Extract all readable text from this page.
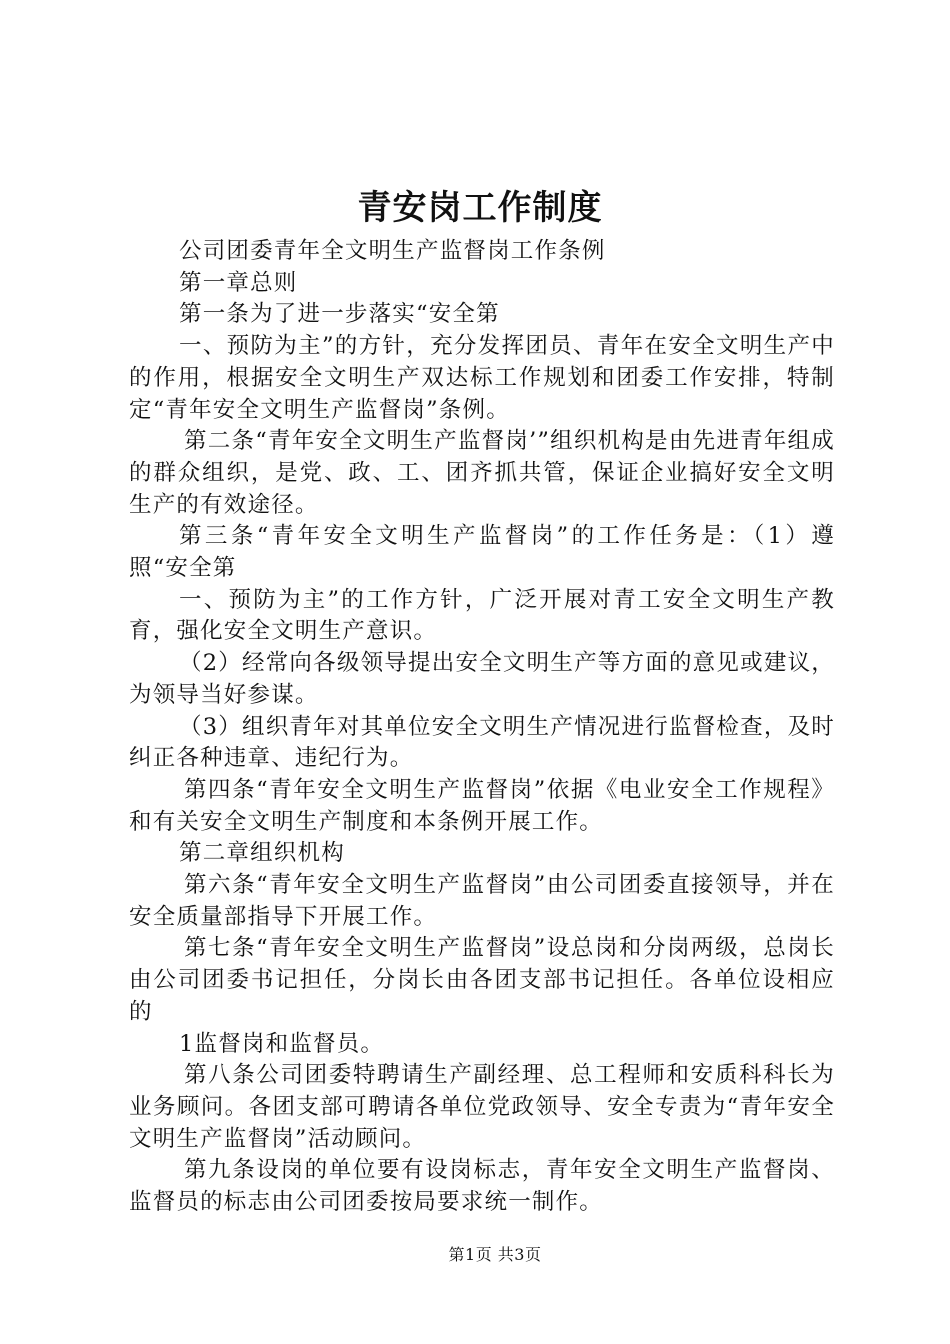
青安岗工作制度

公司团委青年全文明生产监督岗工作条例

第一章总则

第一条为了进一步落实“安全第

一、预防为主”的方针，充分发挥团员、青年在安全文明生产中的作用，根据安全文明生产双达标工作规划和团委工作安排，特制定“青年安全文明生产监督岗”条例。

第二条“青年安全文明生产监督岗’”组织机构是由先进青年组成的群众组织，是党、政、工、团齐抓共管，保证企业搞好安全文明生产的有效途径。

第三条“青年安全文明生产监督岗”的工作任务是：（1）遵照“安全第

一、预防为主”的工作方针，广泛开展对青工安全文明生产教育，强化安全文明生产意识。

（2）经常向各级领导提出安全文明生产等方面的意见或建议，为领导当好参谋。

（3）组织青年对其单位安全文明生产情况进行监督检查，及时纠正各种违章、违纪行为。

第四条“青年安全文明生产监督岗”依据《电业安全工作规程》和有关安全文明生产制度和本条例开展工作。

第二章组织机构

第六条“青年安全文明生产监督岗”由公司团委直接领导，并在安全质量部指导下开展工作。

第七条“青年安全文明生产监督岗”设总岗和分岗两级，总岗长由公司团委书记担任，分岗长由各团支部书记担任。各单位设相应的

1监督岗和监督员。

第八条公司团委特聘请生产副经理、总工程师和安质科科长为业务顾问。各团支部可聘请各单位党政领导、安全专责为“青年安全文明生产监督岗”活动顾问。

第九条设岗的单位要有设岗标志，青年安全文明生产监督岗、监督员的标志由公司团委按局要求统一制作。

第1页 共3页
